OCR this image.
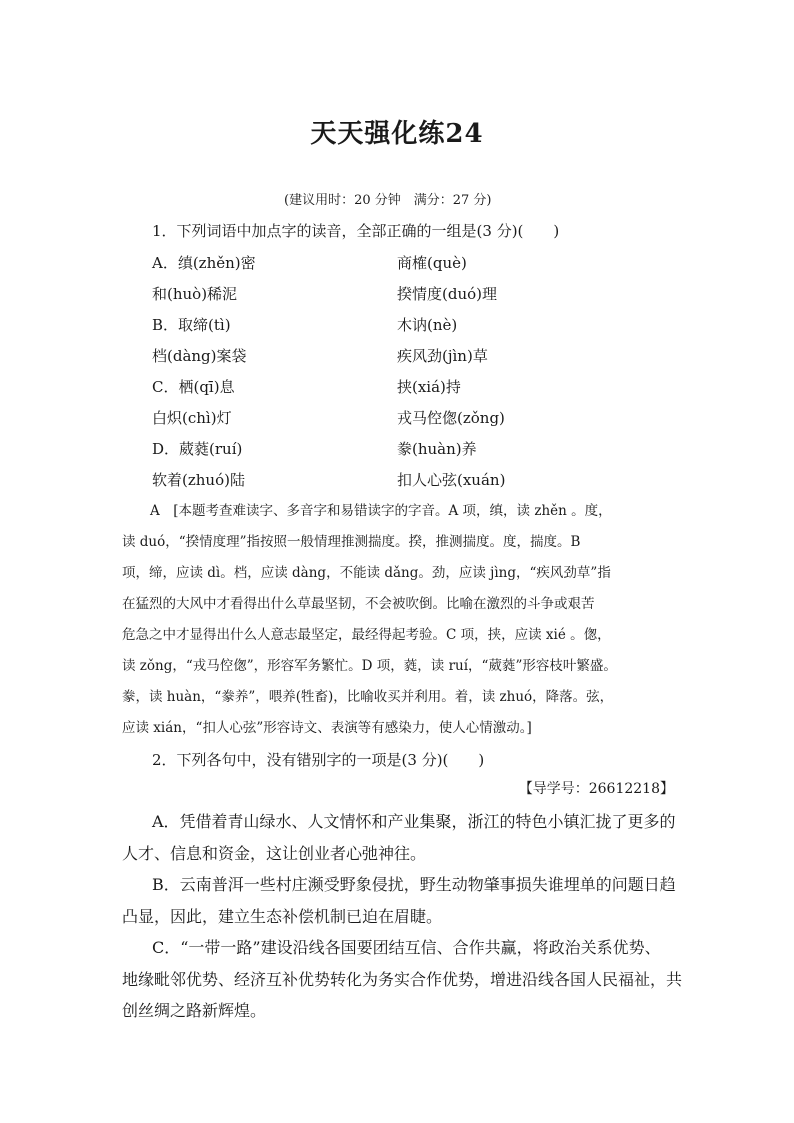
天天强化练24
(建议用时：20 分钟　满分：27 分)
1．下列词语中加点字的读音，全部正确的一组是(3 分)(　　)
A．缜(zhěn)密	商榷(què)
和(huò)稀泥	揆情度(duó)理
B．取缔(tì)	木讷(nè)
档(dàng)案袋	疾风劲(jìn)草
C．栖(qī)息	挟(xiá)持
白炽(chì)灯	戎马倥偬(zǒng)
D．葳蕤(ruí)	豢(huàn)养
软着(zhuó)陆	扣人心弦(xuán)
A　[本题考查难读字、多音字和易错读字的字音。A 项，缜，读 zhěn 。度，
读 duó，“揆情度理”指按照一般情理推测揣度。揆，推测揣度。度，揣度。B
项，缔，应读 dì。档，应读 dàng，不能读 dǎng。劲，应读 jìng，“疾风劲草”指
在猛烈的大风中才看得出什么草最坚韧，不会被吹倒。比喻在激烈的斗争或艰苦
危急之中才显得出什么人意志最坚定，最经得起考验。C 项，挟，应读 xié 。偬，
读 zǒng，“戎马倥偬”，形容军务繁忙。D 项，蕤，读 ruí，“葳蕤”形容枝叶繁盛。
豢，读 huàn，“豢养”，喂养(牲畜)，比喻收买并利用。着，读 zhuó，降落。弦，
应读 xián，“扣人心弦”形容诗文、表演等有感染力，使人心情激动。]
2．下列各句中，没有错别字的一项是(3 分)(　　)
【导学号：26612218】
A．凭借着青山绿水、人文情怀和产业集聚，浙江的特色小镇汇拢了更多的
人才、信息和资金，这让创业者心弛神往。
B．云南普洱一些村庄濒受野象侵扰，野生动物肇事损失谁埋单的问题日趋
凸显，因此，建立生态补偿机制已迫在眉睫。
C．“一带一路”建设沿线各国要团结互信、合作共赢，将政治关系优势、
地缘毗邻优势、经济互补优势转化为务实合作优势，增进沿线各国人民福祉，共
创丝绸之路新辉煌。
